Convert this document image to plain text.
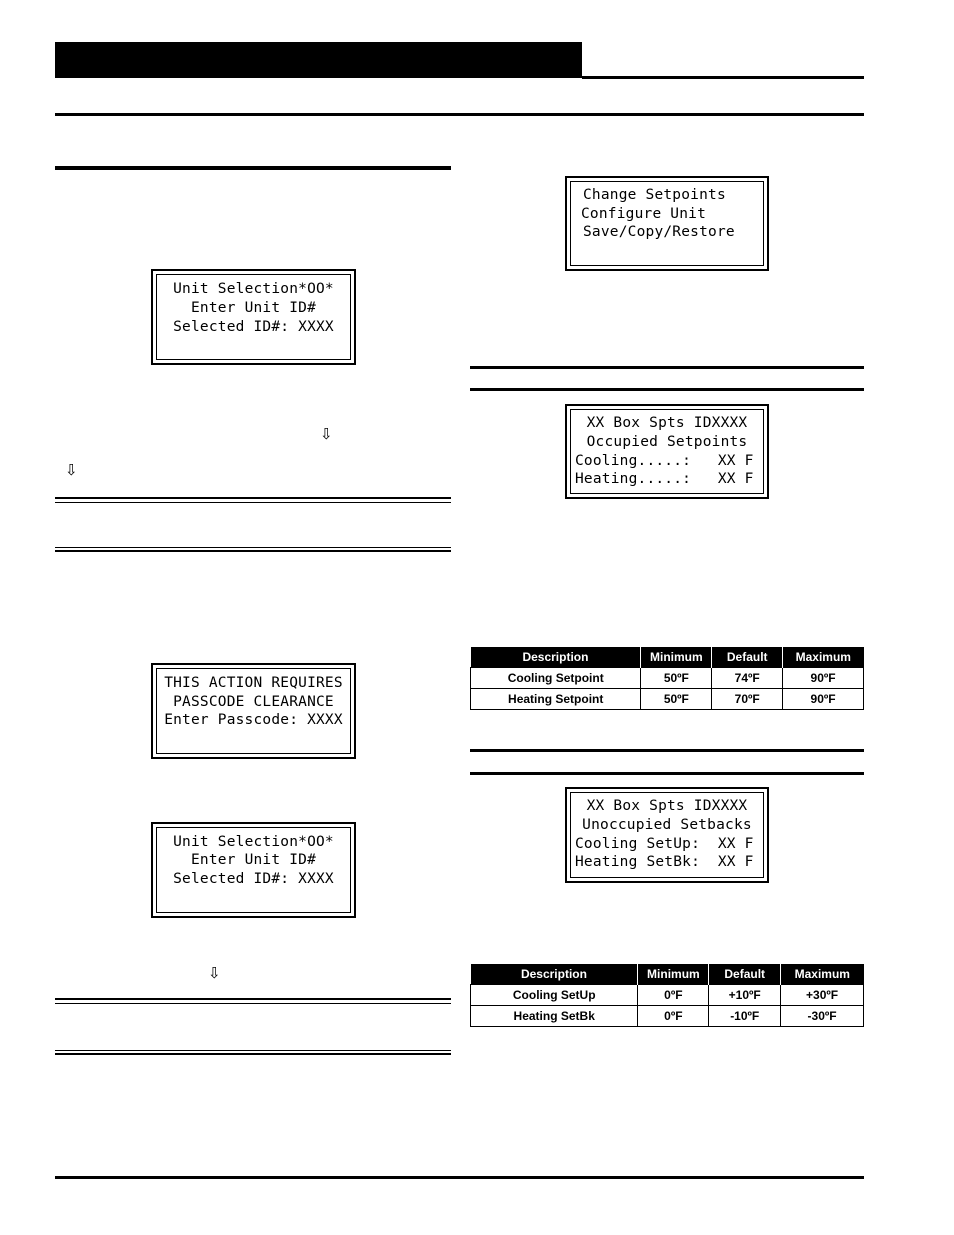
Unit Selection*OO*
Enter Unit ID#
Selected ID#: XXXX
⇩
⇩
THIS ACTION REQUIRES
PASSCODE CLEARANCE
Enter Passcode: XXXX
Unit Selection*OO*
Enter Unit ID#
Selected ID#: XXXX
⇩
Change Setpoints
Configure Unit
Save/Copy/Restore
XX Box Spts IDXXXX
Occupied Setpoints
Cooling.....:   XX F
Heating.....:   XX F
Description	Minimum	Default	Maximum
Cooling Setpoint	50ºF	74ºF	90ºF
Heating Setpoint	50ºF	70ºF	90ºF
XX Box Spts IDXXXX
Unoccupied Setbacks
Cooling SetUp:  XX F
Heating SetBk:  XX F
Description	Minimum	Default	Maximum
Cooling SetUp	0ºF	+10ºF	+30ºF
Heating SetBk	0ºF	-10ºF	-30ºF
